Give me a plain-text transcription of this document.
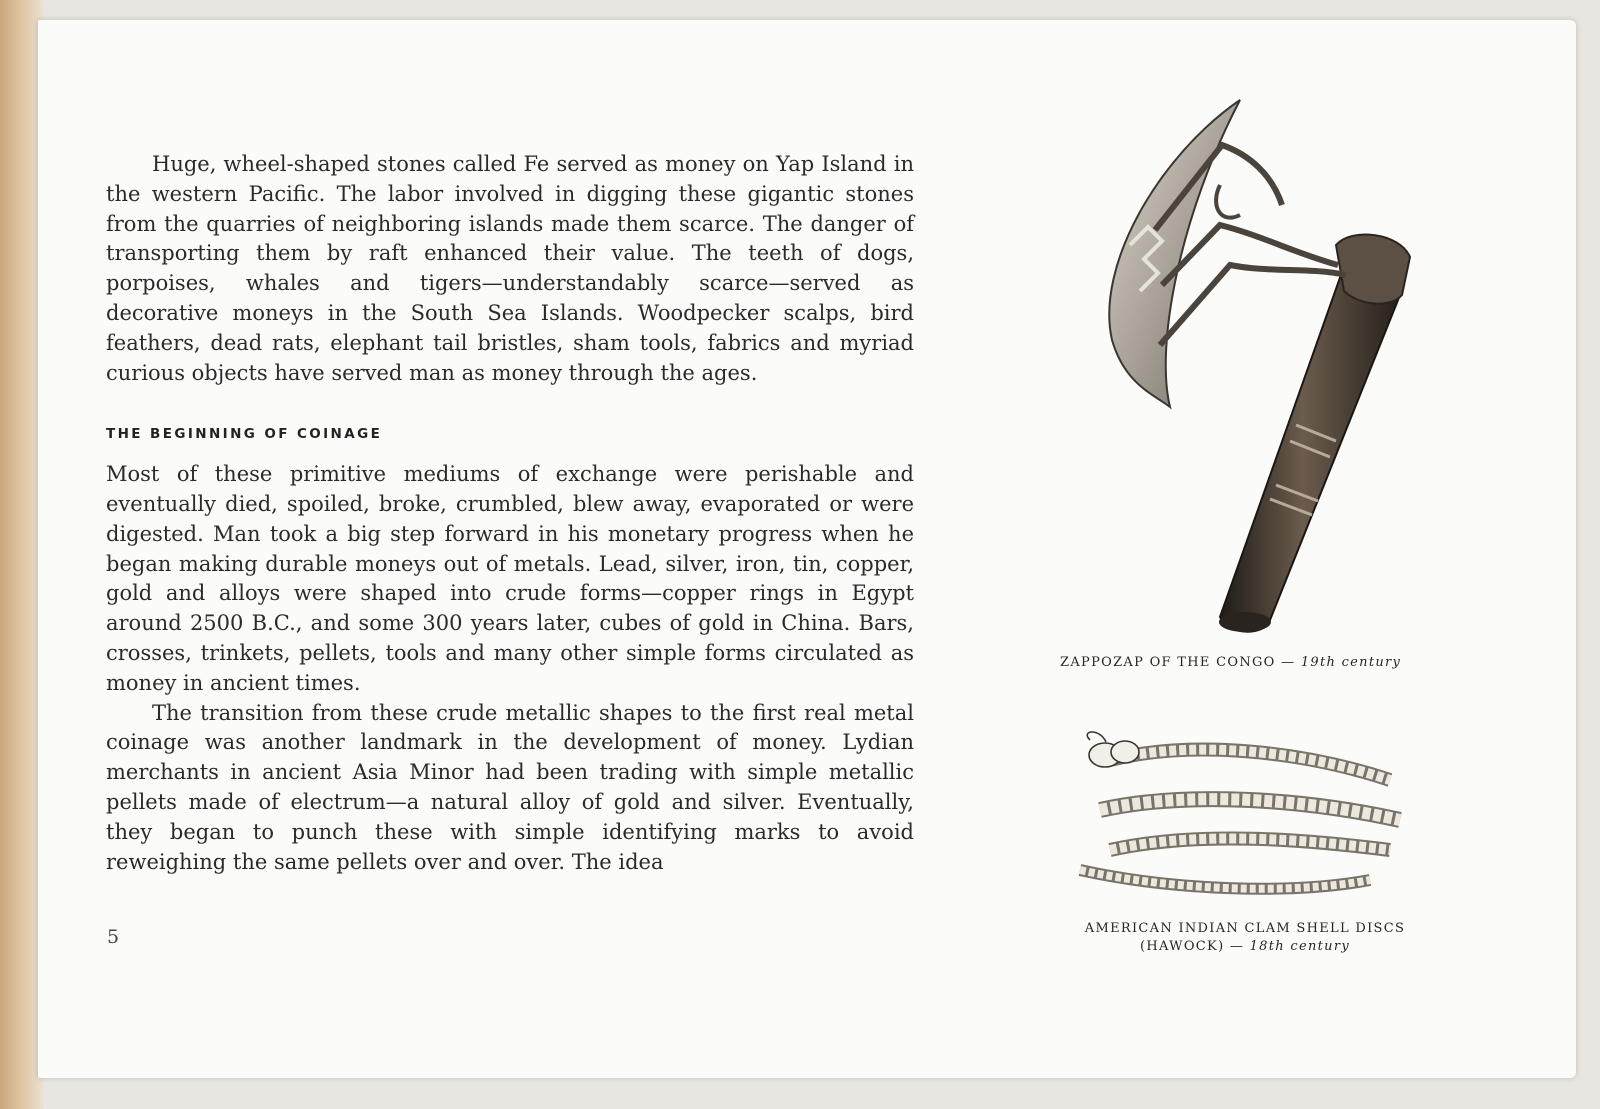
Huge, wheel-shaped stones called Fe served as money on Yap Island in the western Pacific. The labor involved in digging these gigantic stones from the quarries of neighboring islands made them scarce. The danger of transporting them by raft enhanced their value. The teeth of dogs, porpoises, whales and tigers—understandably scarce—served as decorative moneys in the South Sea Islands. Woodpecker scalps, bird feathers, dead rats, elephant tail bristles, sham tools, fabrics and myriad curious objects have served man as money through the ages.

THE BEGINNING OF COINAGE

Most of these primitive mediums of exchange were perishable and eventually died, spoiled, broke, crumbled, blew away, evaporated or were digested. Man took a big step forward in his monetary progress when he began making durable moneys out of metals. Lead, silver, iron, tin, copper, gold and alloys were shaped into crude forms—copper rings in Egypt around 2500 B.C., and some 300 years later, cubes of gold in China. Bars, crosses, trinkets, pellets, tools and many other simple forms circulated as money in ancient times.

The transition from these crude metallic shapes to the first real metal coinage was another landmark in the development of money. Lydian merchants in ancient Asia Minor had been trading with simple metallic pellets made of electrum—a natural alloy of gold and silver. Eventually, they began to punch these with simple identifying marks to avoid reweighing the same pellets over and over. The idea

5
ZAPPOZAP OF THE CONGO — 19th century
AMERICAN INDIAN CLAM SHELL DISCS
(HAWOCK) — 18th century
